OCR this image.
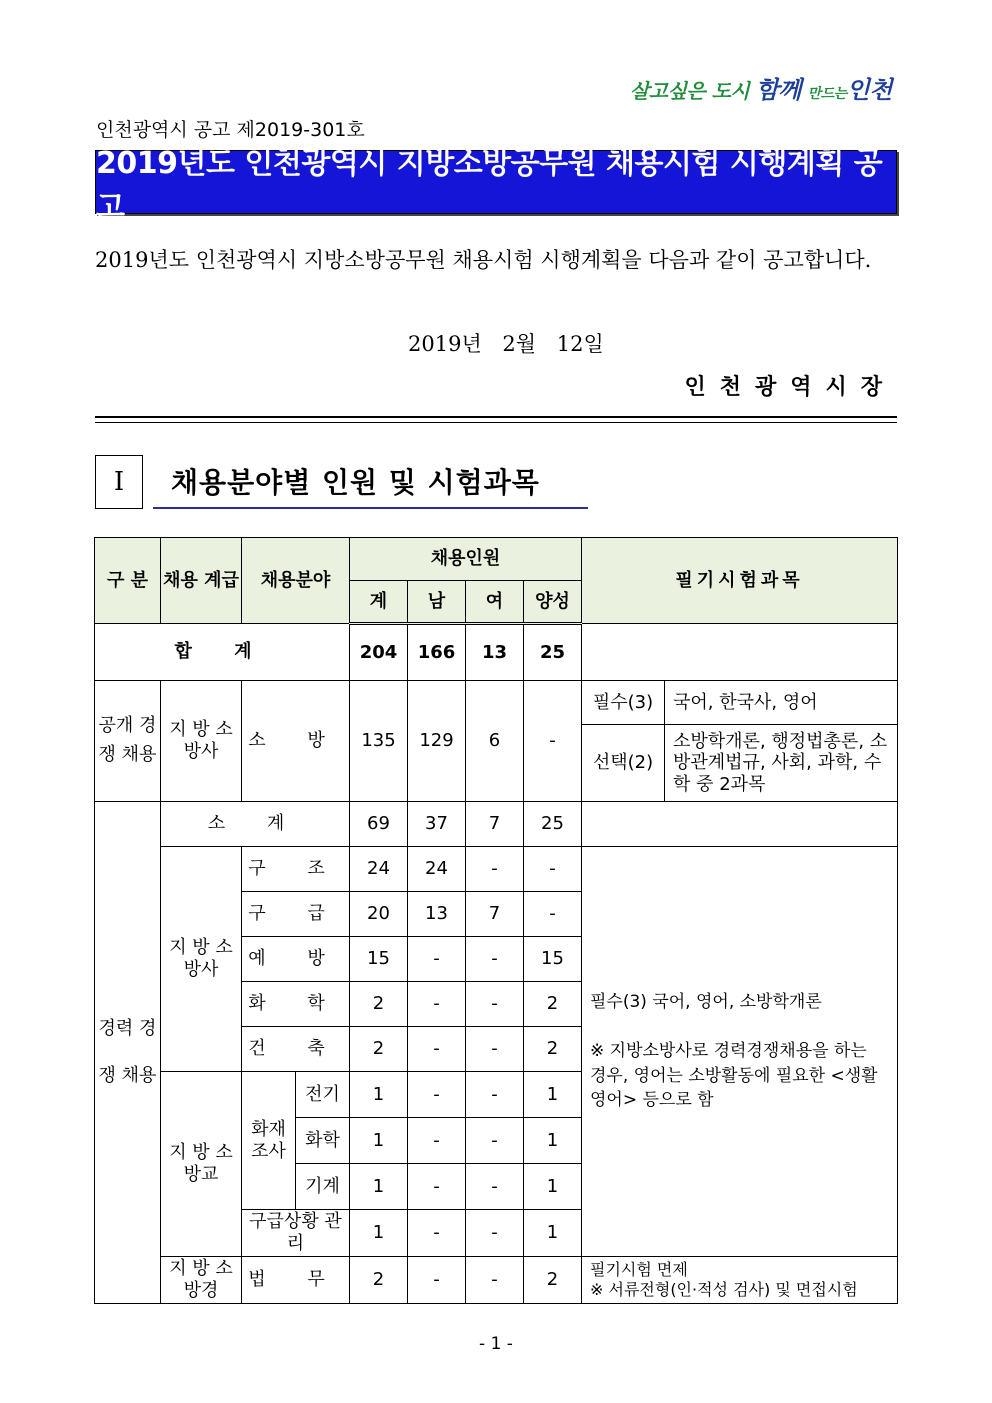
살고싶은 도시 함께 만드는인천
인천광역시 공고 제2019-301호
2019년도 인천광역시 지방소방공무원 채용시험 시행계획 공고
2019년도 인천광역시 지방소방공무원 채용시험 시행계획을 다음과 같이 공고합니다.
2019년 2월 12일
인천광역시장
I	채용분야별 인원 및 시험과목
구 분	채용 계급	채용분야		채용인원				필기시험과목	
				계	남	여	양성		
합 계				204	166	13	25		
공개 경쟁 채용	지 방 소방사	소 방		135	129	6	-	필수(3)	국어, 한국사, 영어
								선택(2)	소방학개론, 행정법총론, 소방관계법규, 사회, 과학, 수학 중 2과목
경력 경쟁 채용	소 계			69	37	7	25		
	지 방 소방사	구 조		24	24	-	-	필수(3) 국어, 영어, 소방학개론

※ 지방소방사로 경력경쟁채용을 하는 경우, 영어는 소방활동에 필요한 <생활영어> 등으로 함	

		구 급		20	13	7	-		
		예 방		15	-	-	15		
		화 학		2	-	-	2		
		건 축		2	-	-	2		
	지 방 소방교	화재 조사	전기	1	-	-	1		
			화학	1	-	-	1		
			기계	1	-	-	1		
		구급상황 관 리		1	-	-	1		
	지 방 소방경	법 무		2	-	-	2	필기시험 면제
※ 서류전형(인·적성 검사) 및 면접시험	
- 1 -
